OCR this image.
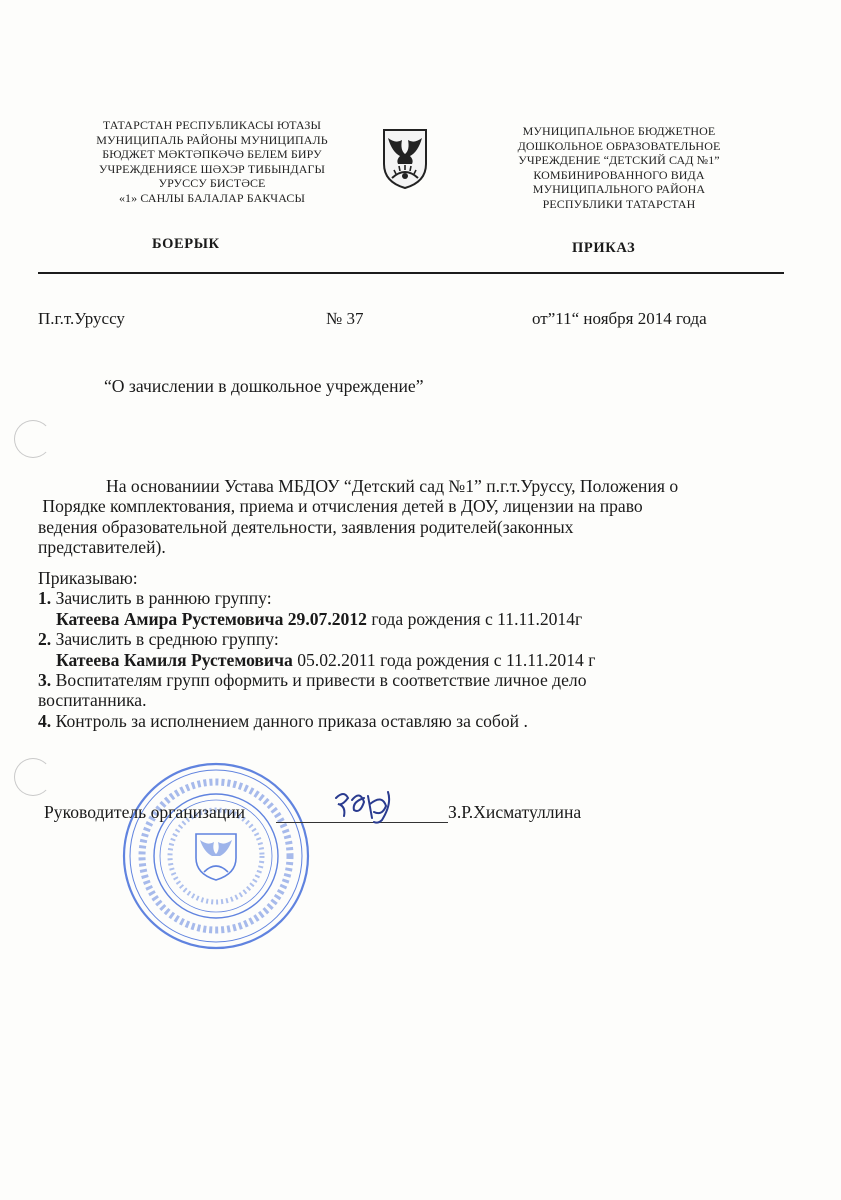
ТАТАРСТАН РЕСПУБЛИКАСЫ ЮТАЗЫ
МУНИЦИПАЛЬ РАЙОНЫ МУНИЦИПАЛЬ
БЮДЖЕТ МӘКТӘПКӘЧӘ БЕЛЕМ БИРУ
УЧРЕЖДЕНИЯСЕ ШӘХЭР ТИБЫНДАГЫ
УРУССУ БИСТӘСЕ
«1» САНЛЫ БАЛАЛАР БАКЧАСЫ
МУНИЦИПАЛЬНОЕ БЮДЖЕТНОЕ
ДОШКОЛЬНОЕ ОБРАЗОВАТЕЛЬНОЕ
УЧРЕЖДЕНИЕ “ДЕТСКИЙ САД №1”
КОМБИНИРОВАННОГО ВИДА
МУНИЦИПАЛЬНОГО РАЙОНА
РЕСПУБЛИКИ ТАТАРСТАН
БОЕРЫК	ПРИКАЗ
П.г.т.Уруссу	№ 37	от”11“ ноября 2014 года
“О зачислении в дошкольное учреждение”
На основаниии Устава МБДОУ “Детский сад №1” п.г.т.Уруссу, Положения о
Порядке комплектования, приема и отчисления детей в ДОУ, лицензии на право
ведения образовательной деятельности, заявления родителей(законных
представителей).
Приказываю:
1. Зачислить в раннюю группу:
Катеева Амира Рустемовича 29.07.2012 года рождения с 11.11.2014г
2. Зачислить в среднюю группу:
Катеева Камиля Рустемовича 05.02.2011 года рождения с 11.11.2014 г
3. Воспитателям групп оформить и привести в соответствие личное дело
воспитанника.
4. Контроль за исполнением данного приказа оставляю за собой .
Руководитель организации	З.Р.Хисматуллина
